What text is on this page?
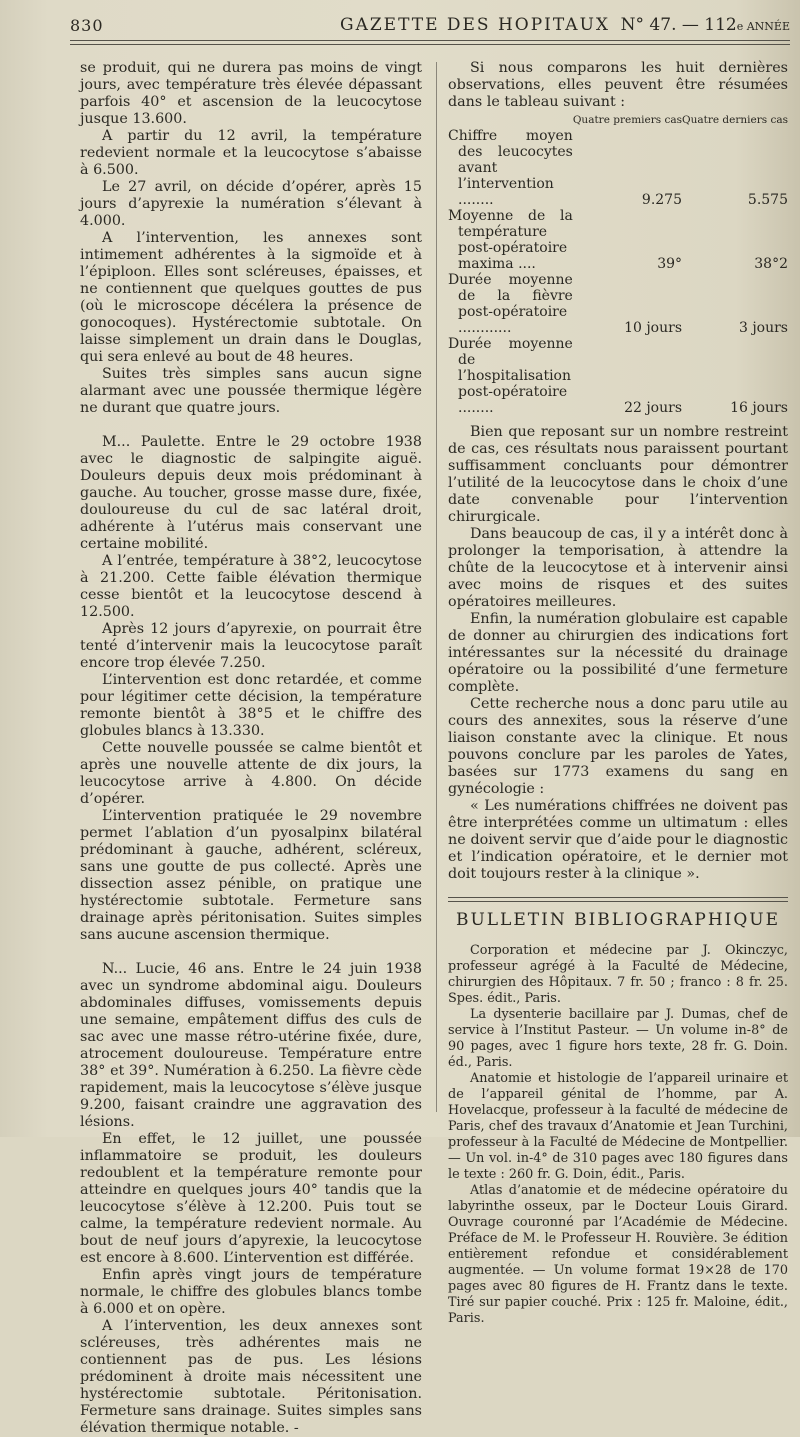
830	GAZETTE DES HOPITAUX N° 47. — 112e ANNÉE

se produit, qui ne durera pas moins de vingt jours, avec température très élevée dépassant parfois 40° et ascension de la leucocytose jusque 13.600.

A partir du 12 avril, la température redevient normale et la leucocytose s’abaisse à 6.500.

Le 27 avril, on décide d’opérer, après 15 jours d’apyrexie la numération s’élevant à 4.000.

A l’intervention, les annexes sont intimement adhérentes à la sigmoïde et à l’épiploon. Elles sont scléreuses, épaisses, et ne contiennent que quelques gouttes de pus (où le microscope décélera la présence de gonocoques). Hystérectomie subtotale. On laisse simplement un drain dans le Douglas, qui sera enlevé au bout de 48 heures.

Suites très simples sans aucun signe alarmant avec une poussée thermique légère ne durant que quatre jours.

M... Paulette. Entre le 29 octobre 1938 avec le diagnostic de salpingite aiguë. Douleurs depuis deux mois prédominant à gauche. Au toucher, grosse masse dure, fixée, douloureuse du cul de sac latéral droit, adhérente à l’utérus mais conservant une certaine mobilité.

A l’entrée, température à 38°2, leucocytose à 21.200. Cette faible élévation thermique cesse bientôt et la leucocytose descend à 12.500.

Après 12 jours d’apyrexie, on pourrait être tenté d’intervenir mais la leucocytose paraît encore trop élevée 7.250.

L’intervention est donc retardée, et comme pour légitimer cette décision, la température remonte bientôt à 38°5 et le chiffre des globules blancs à 13.330.

Cette nouvelle poussée se calme bientôt et après une nouvelle attente de dix jours, la leucocytose arrive à 4.800. On décide d’opérer.

L’intervention pratiquée le 29 novembre permet l’ablation d’un pyosalpinx bilatéral prédominant à gauche, adhérent, scléreux, sans une goutte de pus collecté. Après une dissection assez pénible, on pratique une hystérectomie subtotale. Fermeture sans drainage après péritonisation. Suites simples sans aucune ascension thermique.

N... Lucie, 46 ans. Entre le 24 juin 1938 avec un syndrome abdominal aigu. Douleurs abdominales diffuses, vomissements depuis une semaine, empâtement diffus des culs de sac avec une masse rétro-utérine fixée, dure, atrocement douloureuse. Température entre 38° et 39°. Numération à 6.250. La fièvre cède rapidement, mais la leucocytose s’élève jusque 9.200, faisant craindre une aggravation des lésions.

En effet, le 12 juillet, une poussée inflammatoire se produit, les douleurs redoublent et la température remonte pour atteindre en quelques jours 40° tandis que la leucocytose s’élève à 12.200. Puis tout se calme, la température redevient normale. Au bout de neuf jours d’apyrexie, la leucocytose est encore à 8.600. L’intervention est différée.

Enfin après vingt jours de température normale, le chiffre des globules blancs tombe à 6.000 et on opère.

A l’intervention, les deux annexes sont scléreuses, très adhérentes mais ne contiennent pas de pus. Les lésions prédominent à droite mais nécessitent une hystérectomie subtotale. Péritonisation. Fermeture sans drainage. Suites simples sans élévation thermique notable. -

Si nous comparons les huit dernières observations, elles peuvent être résumées dans le tableau suivant :

	Quatre premiers cas	Quatre derniers cas
Chiffre moyen des leucocytes avant l’intervention ........	9.275	5.575
Moyenne de la température post-opératoire maxima ....	39°	38°2
Durée moyenne de la fièvre post-opératoire ............	10 jours	3 jours
Durée moyenne de l’hospitalisation post-opératoire ........	22 jours	16 jours

Bien que reposant sur un nombre restreint de cas, ces résultats nous paraissent pourtant suffisamment concluants pour démontrer l’utilité de la leucocytose dans le choix d’une date convenable pour l’intervention chirurgicale.

Dans beaucoup de cas, il y a intérêt donc à prolonger la temporisation, à attendre la chûte de la leucocytose et à intervenir ainsi avec moins de risques et des suites opératoires meilleures.

Enfin, la numération globulaire est capable de donner au chirurgien des indications fort intéressantes sur la nécessité du drainage opératoire ou la possibilité d’une fermeture complète.

Cette recherche nous a donc paru utile au cours des annexites, sous la réserve d’une liaison constante avec la clinique. Et nous pouvons conclure par les paroles de Yates, basées sur 1773 examens du sang en gynécologie :

« Les numérations chiffrées ne doivent pas être interprétées comme un ultimatum : elles ne doivent servir que d’aide pour le diagnostic et l’indication opératoire, et le dernier mot doit toujours rester à la clinique ».

BULLETIN BIBLIOGRAPHIQUE

Corporation et médecine par J. Okinczyc, professeur agrégé à la Faculté de Médecine, chirurgien des Hôpitaux. 7 fr. 50 ; franco : 8 fr. 25. Spes. édit., Paris.

La dysenterie bacillaire par J. Dumas, chef de service à l’Institut Pasteur. — Un volume in-8° de 90 pages, avec 1 figure hors texte, 28 fr. G. Doin. éd., Paris.

Anatomie et histologie de l’appareil urinaire et de l’appareil génital de l’homme, par A. Hovelacque, professeur à la faculté de médecine de Paris, chef des travaux d’Anatomie et Jean Turchini, professeur à la Faculté de Médecine de Montpellier. — Un vol. in-4° de 310 pages avec 180 figures dans le texte : 260 fr. G. Doin, édit., Paris.

Atlas d’anatomie et de médecine opératoire du labyrinthe osseux, par le Docteur Louis Girard. Ouvrage couronné par l’Académie de Médecine. Préface de M. le Professeur H. Rouvière. 3e édition entièrement refondue et considérablement augmentée. — Un volume format 19×28 de 170 pages avec 80 figures de H. Frantz dans le texte. Tiré sur papier couché. Prix : 125 fr. Maloine, édit., Paris.
